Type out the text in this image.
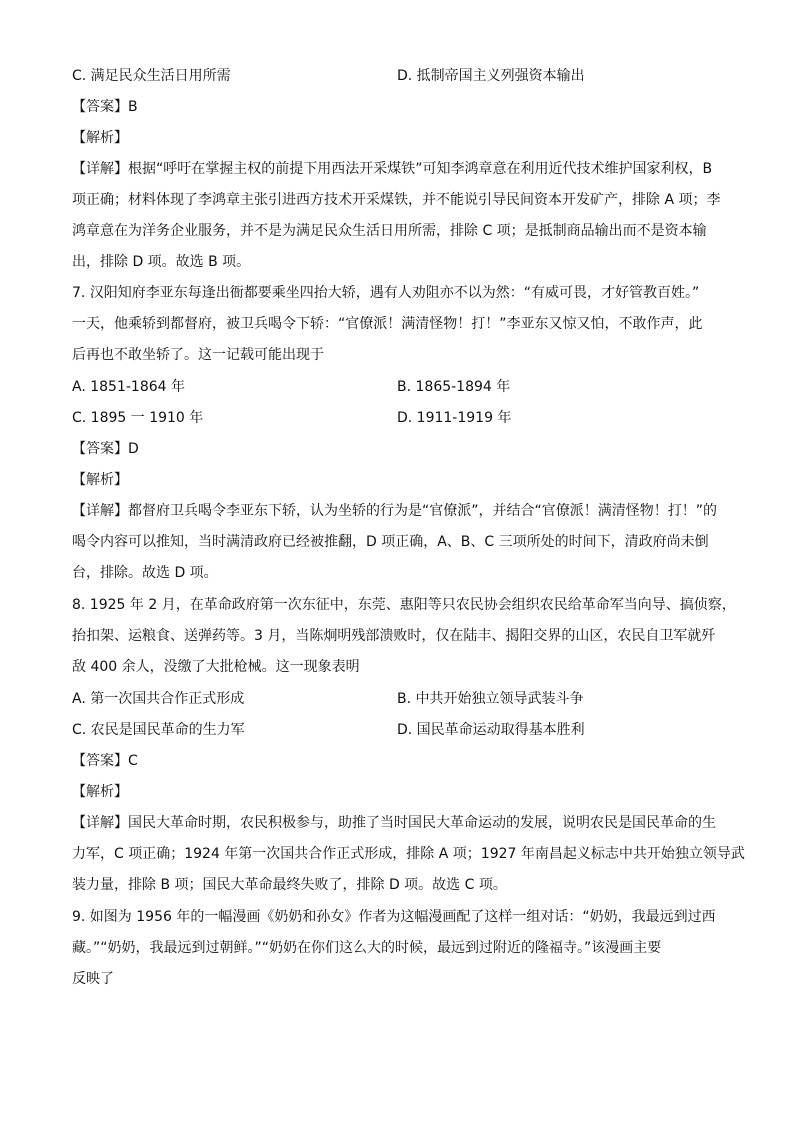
C. 满足民众生活日用所需	D. 抵制帝国主义列强资本输出
【答案】B
【解析】
【详解】根据“呼吁在掌握主权的前提下用西法开采煤铁”可知李鸿章意在利用近代技术维护国家利权，B
项正确；材料体现了李鸿章主张引进西方技术开采煤铁，并不能说引导民间资本开发矿产，排除 A 项；李
鸿章意在为洋务企业服务，并不是为满足民众生活日用所需，排除 C 项；是抵制商品输出而不是资本输
出，排除 D 项。故选 B 项。
7. 汉阳知府李亚东每逢出衙都要乘坐四抬大轿，遇有人劝阻亦不以为然：“有威可畏，才好管教百姓。”
一天，他乘轿到都督府，被卫兵喝令下轿：“官僚派！满清怪物！打！”李亚东又惊又怕，不敢作声，此
后再也不敢坐轿了。这一记载可能出现于
A. 1851-1864 年	B. 1865-1894 年
C. 1895 一 1910 年	D. 1911-1919 年
【答案】D
【解析】
【详解】都督府卫兵喝令李亚东下轿，认为坐轿的行为是“官僚派”，并结合“官僚派！满清怪物！打！”的
喝令内容可以推知，当时满清政府已经被推翻，D 项正确，A、B、C 三项所处的时间下，清政府尚未倒
台，排除。故选 D 项。
8. 1925 年 2 月，在革命政府第一次东征中，东莞、惠阳等只农民协会组织农民给革命军当向导、搞侦察，
抬扣架、运粮食、送弹药等。3 月，当陈炯明残部溃败时，仅在陆丰、揭阳交界的山区，农民自卫军就歼
敌 400 余人，没缴了大批枪械。这一现象表明
A. 第一次国共合作正式形成	B. 中共开始独立领导武装斗争
C. 农民是国民革命的生力军	D. 国民革命运动取得基本胜利
【答案】C
【解析】
【详解】国民大革命时期，农民积极参与，助推了当时国民大革命运动的发展，说明农民是国民革命的生
力军，C 项正确；1924 年第一次国共合作正式形成，排除 A 项；1927 年南昌起义标志中共开始独立领导武
装力量，排除 B 项；国民大革命最终失败了，排除 D 项。故选 C 项。
9. 如图为 1956 年的一幅漫画《奶奶和孙女》作者为这幅漫画配了这样一组对话：“奶奶，我最远到过西
藏。”“奶奶，我最远到过朝鲜。”“奶奶在你们这么大的时候，最远到过附近的隆福寺。”该漫画主要
反映了
